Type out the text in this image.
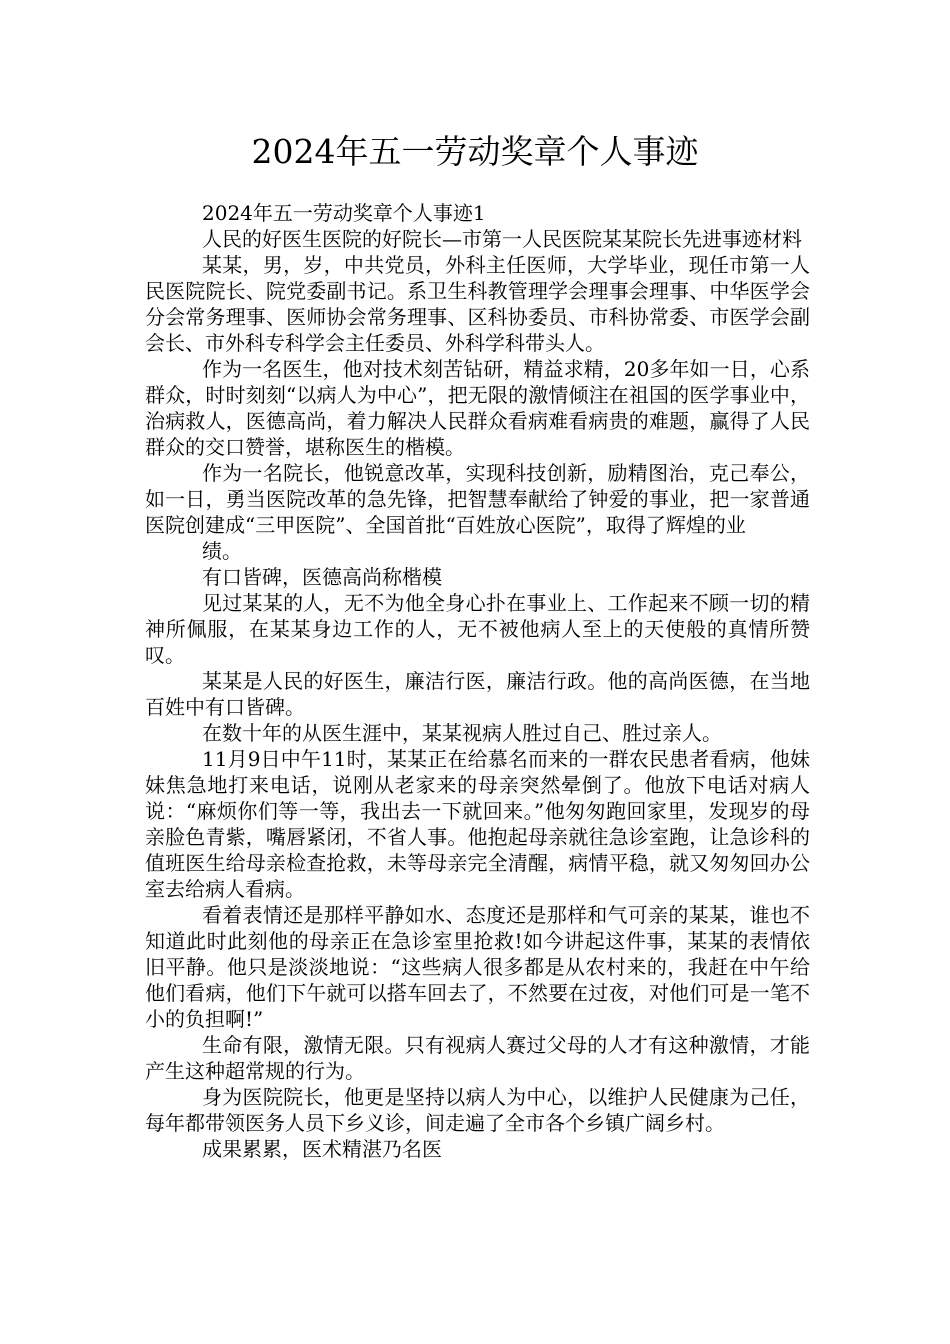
2024年五一劳动奖章个人事迹

2024年五一劳动奖章个人事迹1

人民的好医生医院的好院长—市第一人民医院某某院长先进事迹材料

某某，男，岁，中共党员，外科主任医师，大学毕业，现任市第一人民医院院长、院党委副书记。系卫生科教管理学会理事会理事、中华医学会分会常务理事、医师协会常务理事、区科协委员、市科协常委、市医学会副会长、市外科专科学会主任委员、外科学科带头人。

作为一名医生，他对技术刻苦钻研，精益求精，20多年如一日，心系群众，时时刻刻“以病人为中心”，把无限的激情倾注在祖国的医学事业中，治病救人，医德高尚，着力解决人民群众看病难看病贵的难题，赢得了人民群众的交口赞誉，堪称医生的楷模。

作为一名院长，他锐意改革，实现科技创新，励精图治，克己奉公，如一日，勇当医院改革的急先锋，把智慧奉献给了钟爱的事业，把一家普通医院创建成“三甲医院”、全国首批“百姓放心医院”，取得了辉煌的业

绩。

有口皆碑，医德高尚称楷模

见过某某的人，无不为他全身心扑在事业上、工作起来不顾一切的精神所佩服，在某某身边工作的人，无不被他病人至上的天使般的真情所赞叹。

某某是人民的好医生，廉洁行医，廉洁行政。他的高尚医德，在当地百姓中有口皆碑。

在数十年的从医生涯中，某某视病人胜过自己、胜过亲人。

11月9日中午11时，某某正在给慕名而来的一群农民患者看病，他妹妹焦急地打来电话，说刚从老家来的母亲突然晕倒了。他放下电话对病人说：“麻烦你们等一等，我出去一下就回来。”他匆匆跑回家里，发现岁的母亲脸色青紫，嘴唇紧闭，不省人事。他抱起母亲就往急诊室跑，让急诊科的值班医生给母亲检查抢救，未等母亲完全清醒，病情平稳，就又匆匆回办公室去给病人看病。

看着表情还是那样平静如水、态度还是那样和气可亲的某某，谁也不知道此时此刻他的母亲正在急诊室里抢救!如今讲起这件事，某某的表情依旧平静。他只是淡淡地说：“这些病人很多都是从农村来的，我赶在中午给他们看病，他们下午就可以搭车回去了，不然要在过夜，对他们可是一笔不小的负担啊!”

生命有限，激情无限。只有视病人赛过父母的人才有这种激情，才能产生这种超常规的行为。

身为医院院长，他更是坚持以病人为中心，以维护人民健康为己任，每年都带领医务人员下乡义诊，间走遍了全市各个乡镇广阔乡村。

成果累累，医术精湛乃名医
